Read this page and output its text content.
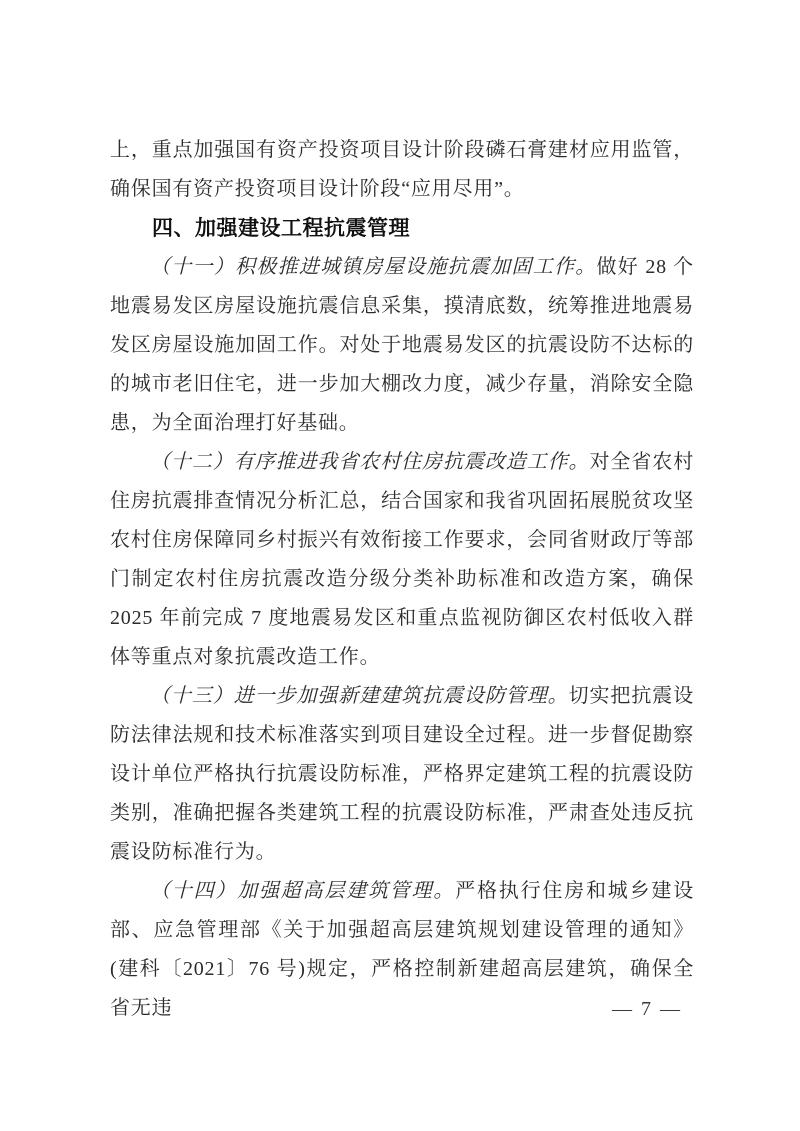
上，重点加强国有资产投资项目设计阶段磷石膏建材应用监管，确保国有资产投资项目设计阶段“应用尽用”。

四、加强建设工程抗震管理

（十一）积极推进城镇房屋设施抗震加固工作。做好 28 个地震易发区房屋设施抗震信息采集，摸清底数，统筹推进地震易发区房屋设施加固工作。对处于地震易发区的抗震设防不达标的的城市老旧住宅，进一步加大棚改力度，减少存量，消除安全隐患，为全面治理打好基础。

（十二）有序推进我省农村住房抗震改造工作。对全省农村住房抗震排查情况分析汇总，结合国家和我省巩固拓展脱贫攻坚农村住房保障同乡村振兴有效衔接工作要求，会同省财政厅等部门制定农村住房抗震改造分级分类补助标准和改造方案，确保 2025 年前完成 7 度地震易发区和重点监视防御区农村低收入群体等重点对象抗震改造工作。

（十三）进一步加强新建建筑抗震设防管理。切实把抗震设防法律法规和技术标准落实到项目建设全过程。进一步督促勘察设计单位严格执行抗震设防标准，严格界定建筑工程的抗震设防类别，准确把握各类建筑工程的抗震设防标准，严肃查处违反抗震设防标准行为。

（十四）加强超高层建筑管理。严格执行住房和城乡建设部、应急管理部《关于加强超高层建筑规划建设管理的通知》(建科〔2021〕76 号)规定，严格控制新建超高层建筑，确保全省无违	— 7 —
